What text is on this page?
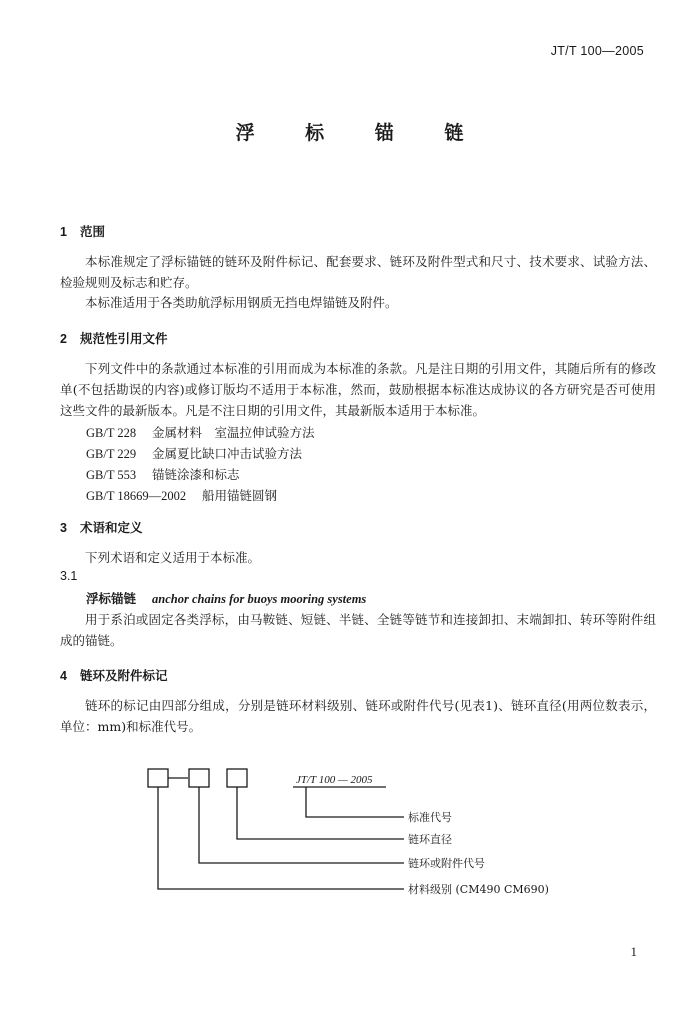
JT/T 100—2005
浮 标 锚 链
1 范围
本标准规定了浮标锚链的链环及附件标记、配套要求、链环及附件型式和尺寸、技术要求、试验方法、检验规则及标志和贮存。
本标准适用于各类助航浮标用钢质无挡电焊锚链及附件。
2 规范性引用文件
下列文件中的条款通过本标准的引用而成为本标准的条款。凡是注日期的引用文件，其随后所有的修改单(不包括勘误的内容)或修订版均不适用于本标准，然而，鼓励根据本标准达成协议的各方研究是否可使用这些文件的最新版本。凡是不注日期的引用文件，其最新版本适用于本标准。
GB/T 228 金属材料　室温拉伸试验方法
GB/T 229 金属夏比缺口冲击试验方法
GB/T 553 锚链涂漆和标志
GB/T 18669—2002 船用锚链圆钢
3 术语和定义
下列术语和定义适用于本标准。
3.1
浮标锚链 anchor chains for buoys mooring systems
用于系泊或固定各类浮标，由马鞍链、短链、半链、全链等链节和连接卸扣、末端卸扣、转环等附件组成的锚链。
4 链环及附件标记
链环的标记由四部分组成，分别是链环材料级别、链环或附件代号(见表1)、链环直径(用两位数表示，单位：mm)和标准代号。
JT/T 100 — 2005
标准代号
链环直径
链环或附件代号
材料级别 (CM490 CM690)
1
